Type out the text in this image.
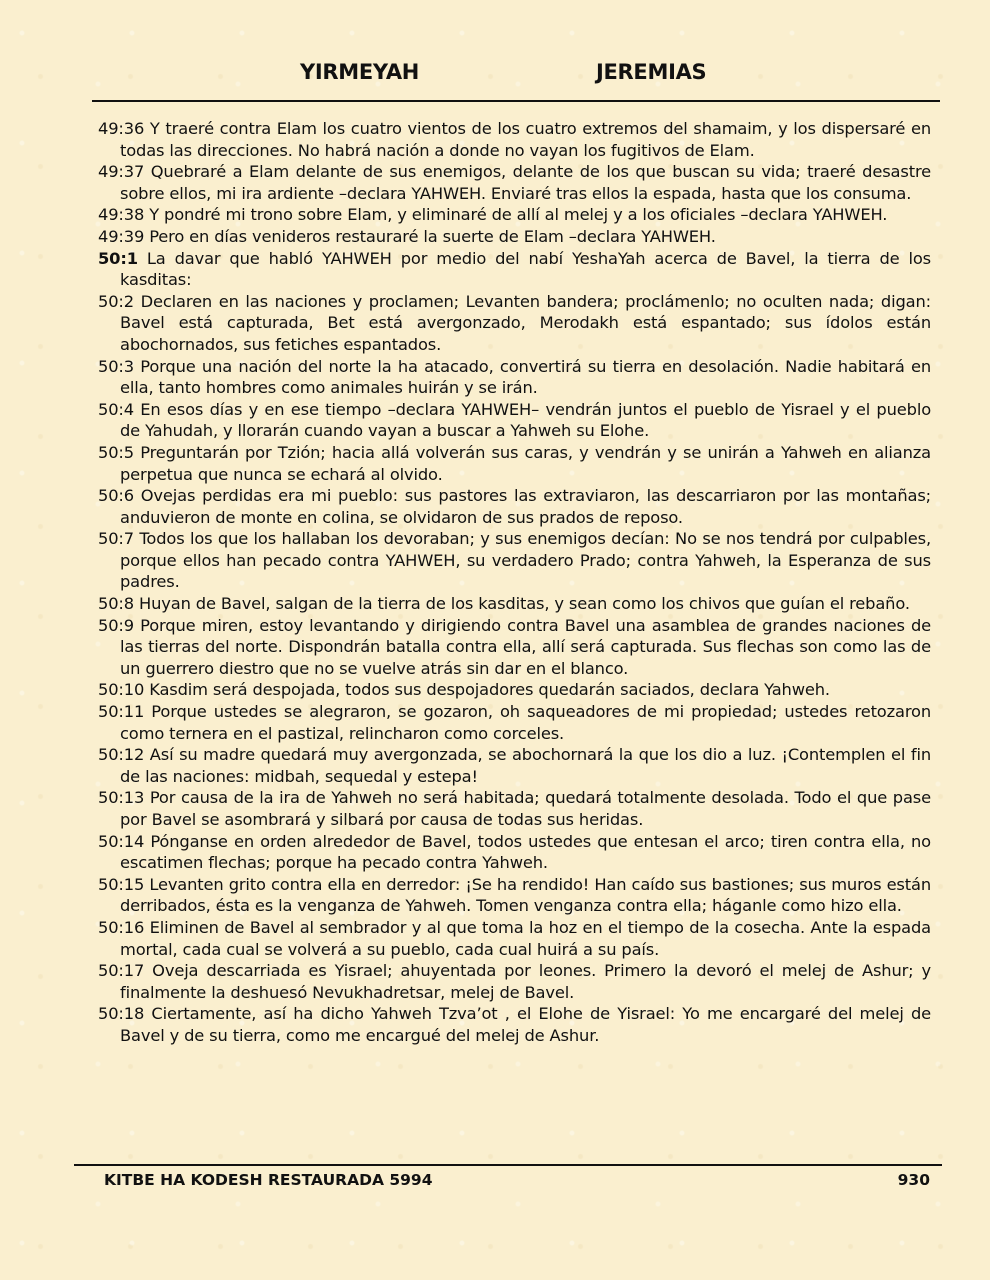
YIRMEYAH	JEREMIAS

49:36 Y traeré contra Elam los cuatro vientos de los cuatro extremos del shamaim, y los dispersaré en todas las direcciones. No habrá nación a donde no vayan los fugitivos de Elam.

49:37 Quebraré a Elam delante de sus enemigos, delante de los que buscan su vida; traeré desastre sobre ellos, mi ira ardiente –declara YAHWEH. Enviaré tras ellos la espada, hasta que los consuma.

49:38 Y pondré mi trono sobre Elam, y eliminaré de allí al melej y a los oficiales –declara YAHWEH.

49:39 Pero en días venideros restauraré la suerte de Elam –declara YAHWEH.

50:1 La davar que habló YAHWEH por medio del nabí YeshaYah acerca de Bavel, la tierra de los kasditas:

50:2 Declaren en las naciones y proclamen; Levanten bandera; proclámenlo; no oculten nada; digan: Bavel está capturada, Bet está avergonzado, Merodakh está espantado; sus ídolos están abochornados, sus fetiches espantados.

50:3 Porque una nación del norte la ha atacado, convertirá su tierra en desolación. Nadie habitará en ella, tanto hombres como animales huirán y se irán.

50:4 En esos días y en ese tiempo –declara YAHWEH– vendrán juntos el pueblo de Yisrael y el pueblo de Yahudah, y llorarán cuando vayan a buscar a Yahweh su Elohe.

50:5 Preguntarán por Tzión; hacia allá volverán sus caras, y vendrán y se unirán a Yahweh en alianza perpetua que nunca se echará al olvido.

50:6 Ovejas perdidas era mi pueblo: sus pastores las extraviaron, las descarriaron por las montañas; anduvieron de monte en colina, se olvidaron de sus prados de reposo.

50:7 Todos los que los hallaban los devoraban; y sus enemigos decían: No se nos tendrá por culpables, porque ellos han pecado contra YAHWEH, su verdadero Prado; contra Yahweh, la Esperanza de sus padres.

50:8 Huyan de Bavel, salgan de la tierra de los kasditas, y sean como los chivos que guían el rebaño.

50:9 Porque miren, estoy levantando y dirigiendo contra Bavel una asamblea de grandes naciones de las tierras del norte. Dispondrán batalla contra ella, allí será capturada. Sus flechas son como las de un guerrero diestro que no se vuelve atrás sin dar en el blanco.

50:10 Kasdim será despojada, todos sus despojadores quedarán saciados, declara Yahweh.

50:11 Porque ustedes se alegraron, se gozaron, oh saqueadores de mi propiedad; ustedes retozaron como ternera en el pastizal, relincharon como corceles.

50:12 Así su madre quedará muy avergonzada, se abochornará la que los dio a luz. ¡Contemplen el fin de las naciones: midbah, sequedal y estepa!

50:13 Por causa de la ira de Yahweh no será habitada; quedará totalmente desolada. Todo el que pase por Bavel se asombrará y silbará por causa de todas sus heridas.

50:14 Pónganse en orden alrededor de Bavel, todos ustedes que entesan el arco; tiren contra ella, no escatimen flechas; porque ha pecado contra Yahweh.

50:15 Levanten grito contra ella en derredor: ¡Se ha rendido! Han caído sus bastiones; sus muros están derribados, ésta es la venganza de Yahweh. Tomen venganza contra ella; háganle como hizo ella.

50:16 Eliminen de Bavel al sembrador y al que toma la hoz en el tiempo de la cosecha. Ante la espada mortal, cada cual se volverá a su pueblo, cada cual huirá a su país.

50:17 Oveja descarriada es Yisrael; ahuyentada por leones. Primero la devoró el melej de Ashur; y finalmente la deshuesó Nevukhadretsar, melej de Bavel.

50:18 Ciertamente, así ha dicho Yahweh Tzva’ot , el Elohe de Yisrael: Yo me encargaré del melej de Bavel y de su tierra, como me encargué del melej de Ashur.

KITBE HA KODESH RESTAURADA 5994	930
